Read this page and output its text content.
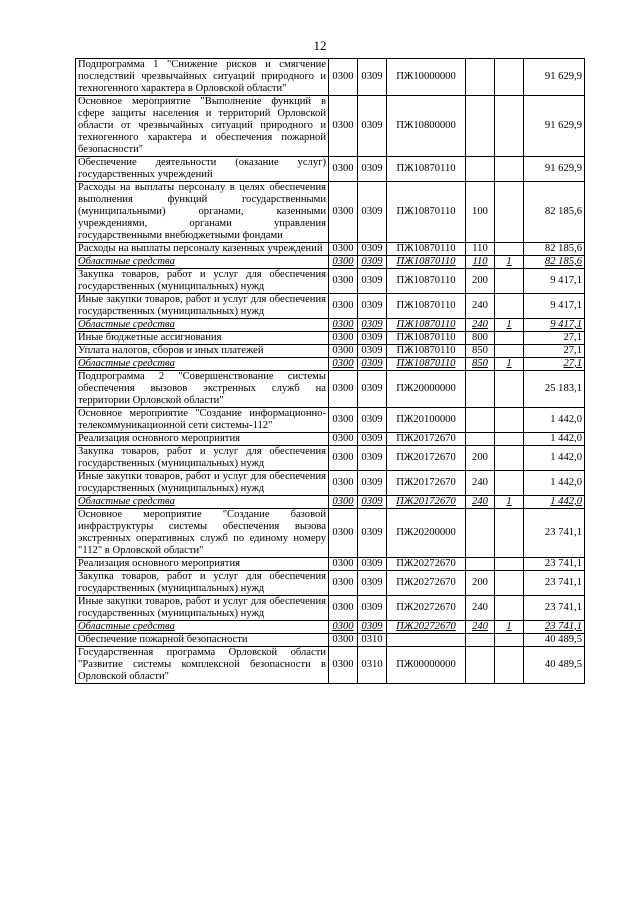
12
Подпрограмма 1 "Снижение рисков и смягчение последствий чрезвычайных ситуаций природного и техногенного характера в Орловской области"	0300	0309	ПЖ10000000			91 629,9
Основное мероприятие "Выполнение функций в сфере защиты населения и территорий Орловской области от чрезвычайных ситуаций природного и техногенного характера и обеспечения пожарной безопасности"	0300	0309	ПЖ10800000			91 629,9
Обеспечение деятельности (оказание услуг) государственных учреждений	0300	0309	ПЖ10870110			91 629,9
Расходы на выплаты персоналу в целях обеспечения выполнения функций государственными (муниципальными) органами, казенными учреждениями, органами управления государственными внебюджетными фондами	0300	0309	ПЖ10870110	100		82 185,6
Расходы на выплаты персоналу казенных учреждений	0300	0309	ПЖ10870110	110		82 185,6
Областные средства	0300	0309	ПЖ10870110	110	1	82 185,6
Закупка товаров, работ и услуг для обеспечения государственных (муниципальных) нужд	0300	0309	ПЖ10870110	200		9 417,1
Иные закупки товаров, работ и услуг для обеспечения государственных (муниципальных) нужд	0300	0309	ПЖ10870110	240		9 417,1
Областные средства	0300	0309	ПЖ10870110	240	1	9 417,1
Иные бюджетные ассигнования	0300	0309	ПЖ10870110	800		27,1
Уплата налогов, сборов и иных платежей	0300	0309	ПЖ10870110	850		27,1
Областные средства	0300	0309	ПЖ10870110	850	1	27,1
Подпрограмма 2 "Совершенствование системы обеспечения вызовов экстренных служб на территории Орловской области"	0300	0309	ПЖ20000000			25 183,1
Основное мероприятие "Создание информационно-телекоммуникационной сети системы-112"	0300	0309	ПЖ20100000			1 442,0
Реализация основного мероприятия	0300	0309	ПЖ20172670			1 442,0
Закупка товаров, работ и услуг для обеспечения государственных (муниципальных) нужд	0300	0309	ПЖ20172670	200		1 442,0
Иные закупки товаров, работ и услуг для обеспечения государственных (муниципальных) нужд	0300	0309	ПЖ20172670	240		1 442,0
Областные средства	0300	0309	ПЖ20172670	240	1	1 442,0
Основное мероприятие "Создание базовой инфраструктуры системы обеспечения вызова экстренных оперативных служб по единому номеру "112" в Орловской области"	0300	0309	ПЖ20200000			23 741,1
Реализация основного мероприятия	0300	0309	ПЖ20272670			23 741,1
Закупка товаров, работ и услуг для обеспечения государственных (муниципальных) нужд	0300	0309	ПЖ20272670	200		23 741,1
Иные закупки товаров, работ и услуг для обеспечения государственных (муниципальных) нужд	0300	0309	ПЖ20272670	240		23 741,1
Областные средства	0300	0309	ПЖ20272670	240	1	23 741,1
Обеспечение пожарной безопасности	0300	0310				40 489,5
Государственная программа Орловской области "Развитие системы комплексной безопасности в Орловской области"	0300	0310	ПЖ00000000			40 489,5
